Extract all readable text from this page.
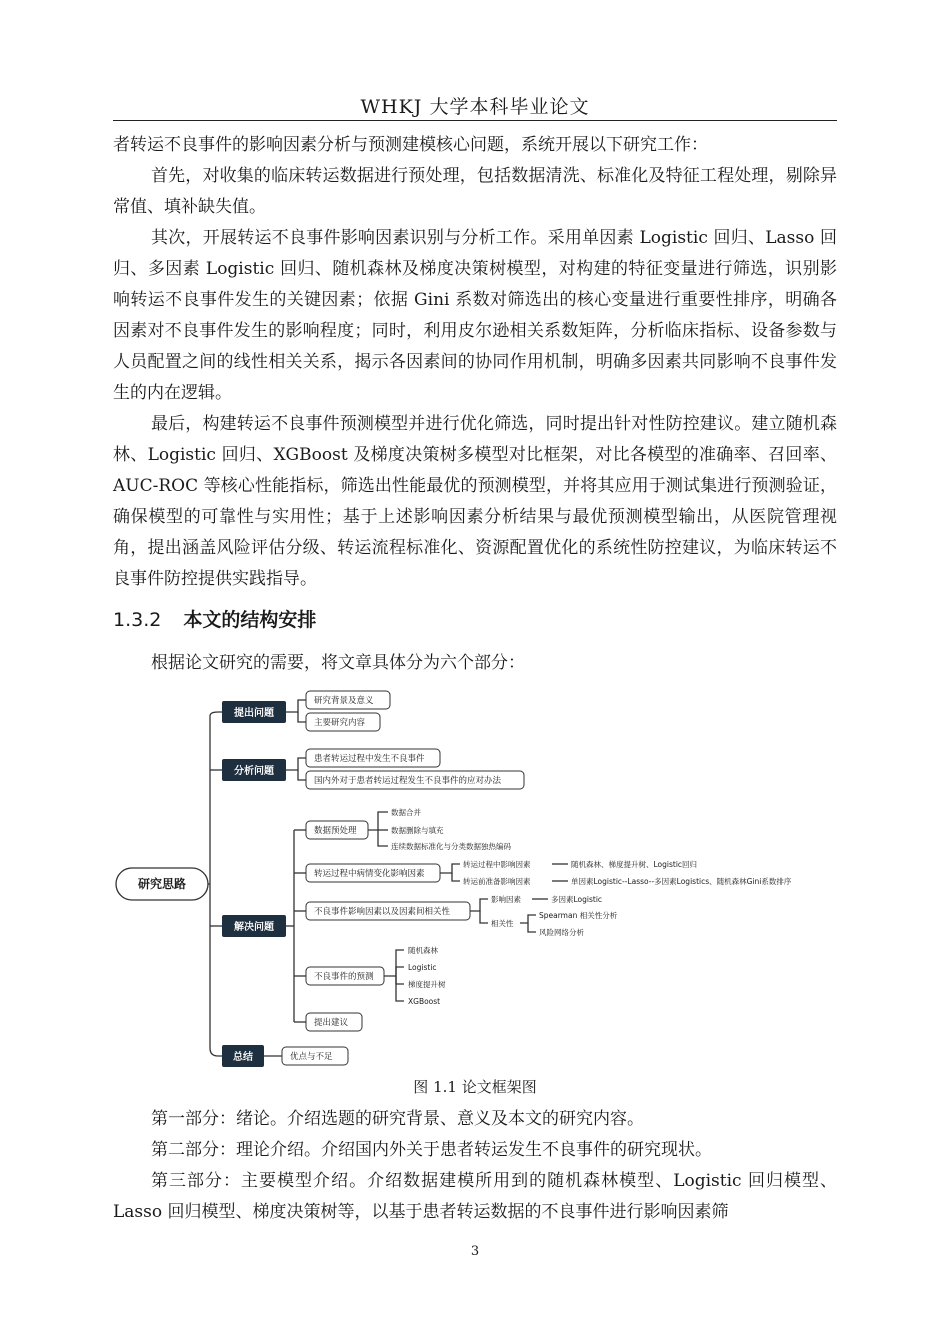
WHKJ 大学本科毕业论文

者转运不良事件的影响因素分析与预测建模核心问题，系统开展以下研究工作：

首先，对收集的临床转运数据进行预处理，包括数据清洗、标准化及特征工程处理，剔除异常值、填补缺失值。

其次，开展转运不良事件影响因素识别与分析工作。采用单因素 Logistic 回归、Lasso 回归、多因素 Logistic 回归、随机森林及梯度决策树模型，对构建的特征变量进行筛选，识别影响转运不良事件发生的关键因素；依据 Gini 系数对筛选出的核心变量进行重要性排序，明确各因素对不良事件发生的影响程度；同时，利用皮尔逊相关系数矩阵，分析临床指标、设备参数与人员配置之间的线性相关关系，揭示各因素间的协同作用机制，明确多因素共同影响不良事件发生的内在逻辑。

最后，构建转运不良事件预测模型并进行优化筛选，同时提出针对性防控建议。建立随机森林、Logistic 回归、XGBoost 及梯度决策树多模型对比框架，对比各模型的准确率、召回率、AUC-ROC 等核心性能指标，筛选出性能最优的预测模型，并将其应用于测试集进行预测验证，确保模型的可靠性与实用性；基于上述影响因素分析结果与最优预测模型输出，从医院管理视角，提出涵盖风险评估分级、转运流程标准化、资源配置优化的系统性防控建议，为临床转运不良事件防控提供实践指导。

1.3.2 本文的结构安排

根据论文研究的需要，将文章具体分为六个部分：

研究思路
提出问题
研究背景及意义
主要研究内容
分析问题
患者转运过程中发生不良事件
国内外对于患者转运过程发生不良事件的应对办法
解决问题
数据预处理
数据合并
数据删除与填充
连续数据标准化与分类数据独热编码
转运过程中病情变化影响因素
转运过程中影响因素	随机森林、梯度提升树、Logistic回归
转运前准备影响因素	单因素Logistic--Lasso--多因素Logistics、随机森林Gini系数排序
不良事件影响因素以及因素间相关性
影响因素	多因素Logistic
相关性
Spearman 相关性分析
风险网络分析
不良事件的预测
随机森林
Logistic
梯度提升树
XGBoost
提出建议
总结	优点与不足
图 1.1 论文框架图

第一部分：绪论。介绍选题的研究背景、意义及本文的研究内容。

第二部分：理论介绍。介绍国内外关于患者转运发生不良事件的研究现状。

第三部分：主要模型介绍。介绍数据建模所用到的随机森林模型、Logistic 回归模型、Lasso 回归模型、梯度决策树等，以基于患者转运数据的不良事件进行影响因素筛

3
